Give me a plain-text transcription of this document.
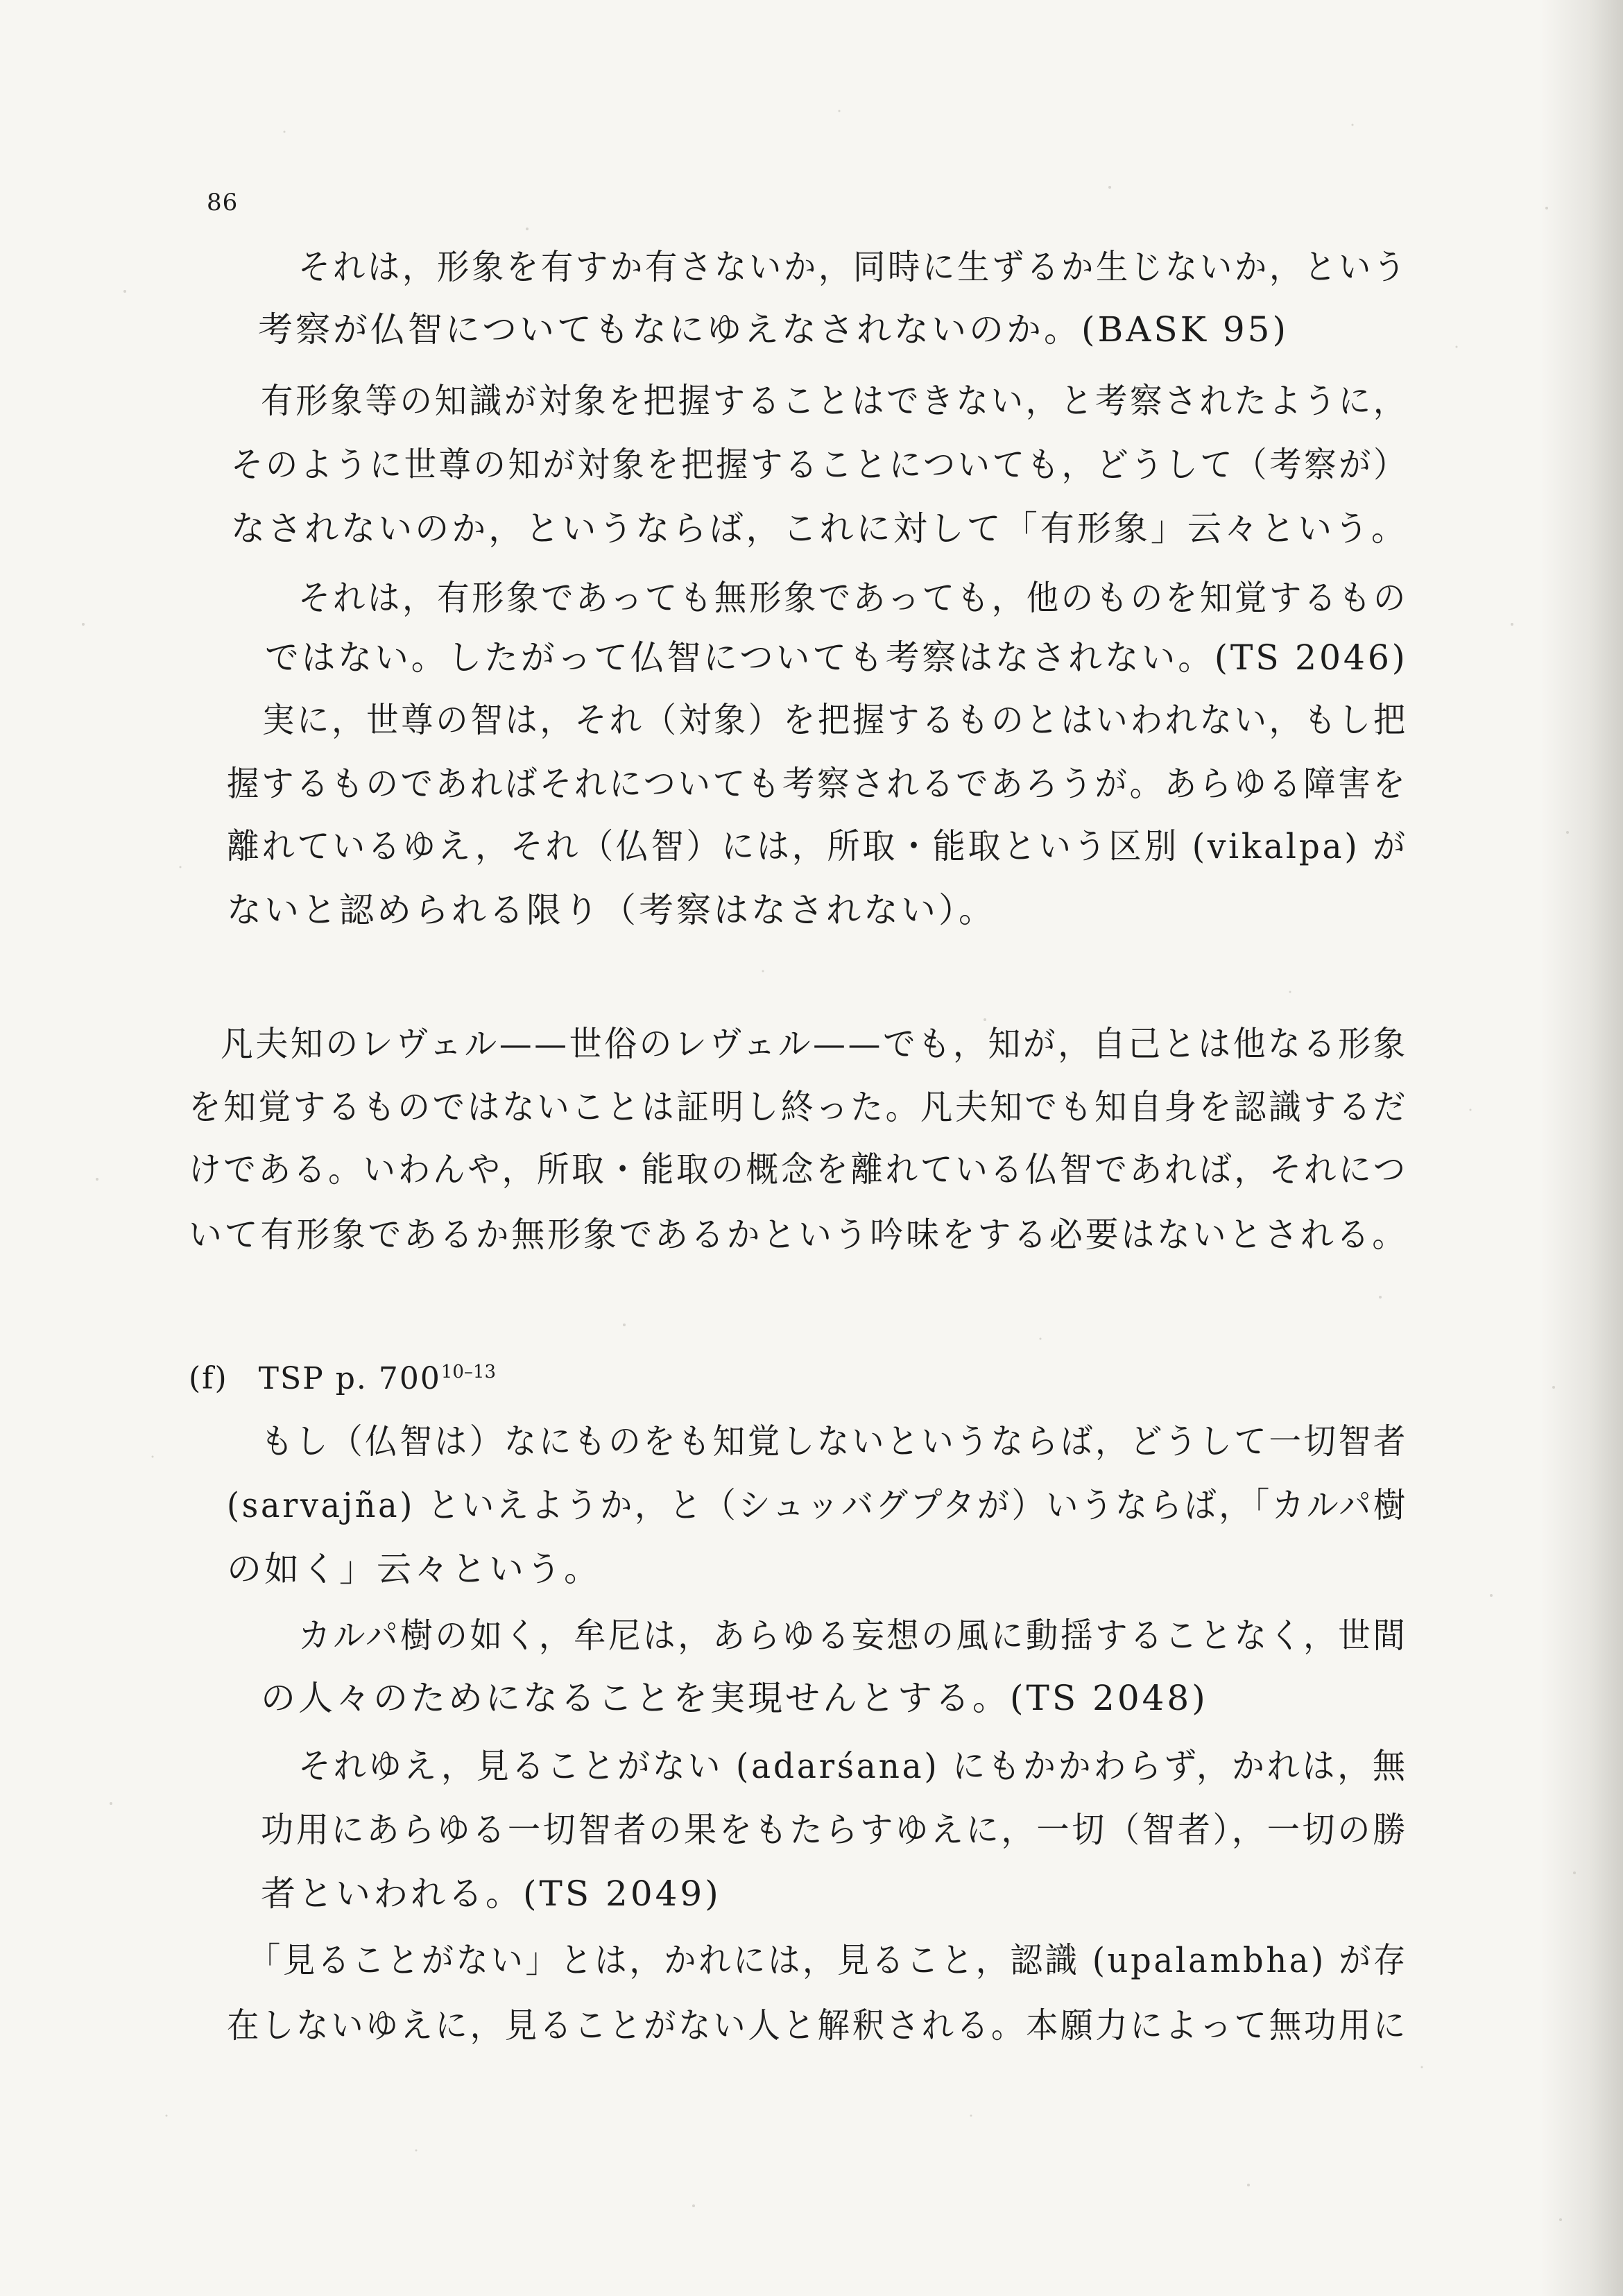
86
それは，形象を有すか有さないか，同時に生ずるか生じないか，という
考察が仏智についてもなにゆえなされないのか。(BASK 95)
有形象等の知識が対象を把握することはできない，と考察されたように，
そのように世尊の知が対象を把握することについても，どうして（考察が）
なされないのか，というならば，これに対して「有形象」云々という。
それは，有形象であっても無形象であっても，他のものを知覚するもの
ではない。したがって仏智についても考察はなされない。(TS 2046)
実に，世尊の智は，それ（対象）を把握するものとはいわれない，もし把
握するものであればそれについても考察されるであろうが。あらゆる障害を
離れているゆえ，それ（仏智）には，所取・能取という区別 (vikalpa) が
ないと認められる限り（考察はなされない）。
凡夫知のレヴェル——世俗のレヴェル——でも，知が，自己とは他なる形象
を知覚するものではないことは証明し終った。凡夫知でも知自身を認識するだ
けである。いわんや，所取・能取の概念を離れている仏智であれば，それにつ
いて有形象であるか無形象であるかという吟味をする必要はないとされる。
(f) TSP p. 700$^{10-13}$
もし（仏智は）なにものをも知覚しないというならば，どうして一切智者
(sarvajña) といえようか，と（シュッバグプタが）いうならば，「カルパ樹
の如く」云々という。
カルパ樹の如く，牟尼は，あらゆる妄想の風に動揺することなく，世間
の人々のためになることを実現せんとする。(TS 2048)
それゆえ，見ることがない (adarśana) にもかかわらず，かれは，無
功用にあらゆる一切智者の果をもたらすゆえに，一切（智者），一切の勝
者といわれる。(TS 2049)
「見ることがない」とは，かれには，見ること，認識 (upalambha) が存
在しないゆえに，見ることがない人と解釈される。本願力によって無功用に
